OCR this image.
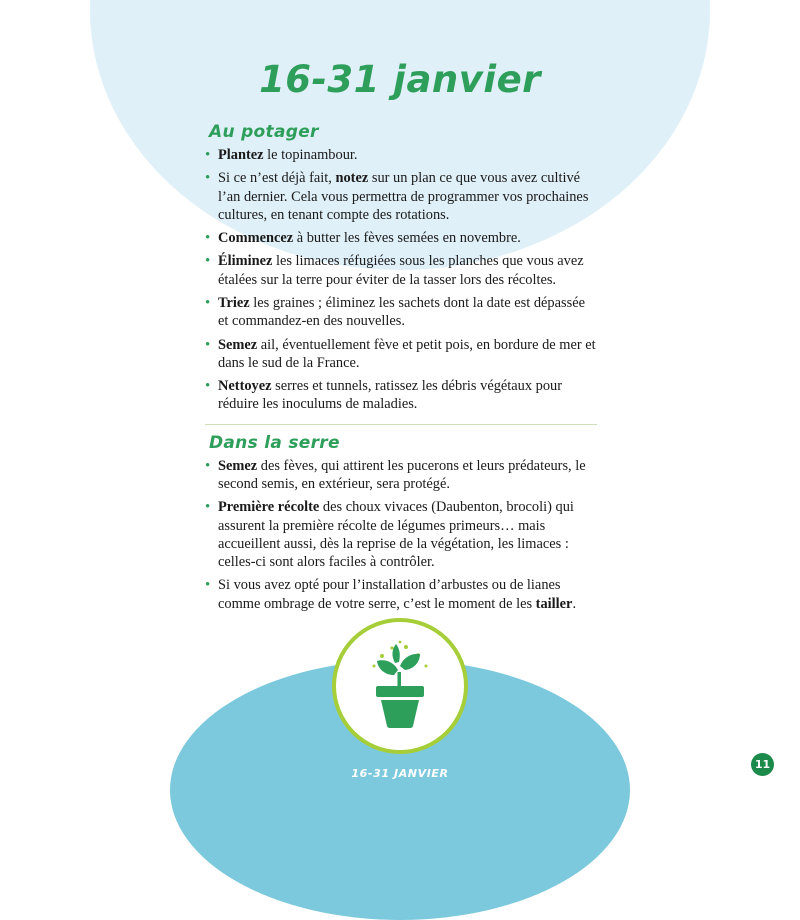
16-31 janvier
Au potager
• Plantez le topinambour.
• Si ce n’est déjà fait, notez sur un plan ce que vous avez cultivé l’an dernier. Cela vous permettra de programmer vos prochaines cultures, en tenant compte des rotations.
• Commencez à butter les fèves semées en novembre.
• Éliminez les limaces réfugiées sous les planches que vous avez étalées sur la terre pour éviter de la tasser lors des récoltes.
• Triez les graines ; éliminez les sachets dont la date est dépassée et commandez-en des nouvelles.
• Semez ail, éventuellement fève et petit pois, en bordure de mer et dans le sud de la France.
• Nettoyez serres et tunnels, ratissez les débris végétaux pour réduire les inoculums de maladies.
Dans la serre
• Semez des fèves, qui attirent les pucerons et leurs prédateurs, le second semis, en extérieur, sera protégé.
• Première récolte des choux vivaces (Daubenton, brocoli) qui assurent la première récolte de légumes primeurs… mais accueillent aussi, dès la reprise de la végétation, les limaces : celles-ci sont alors faciles à contrôler.
• Si vous avez opté pour l’installation d’arbustes ou de lianes comme ombrage de votre serre, c’est le moment de les tailler.
16-31 JANVIER
11
